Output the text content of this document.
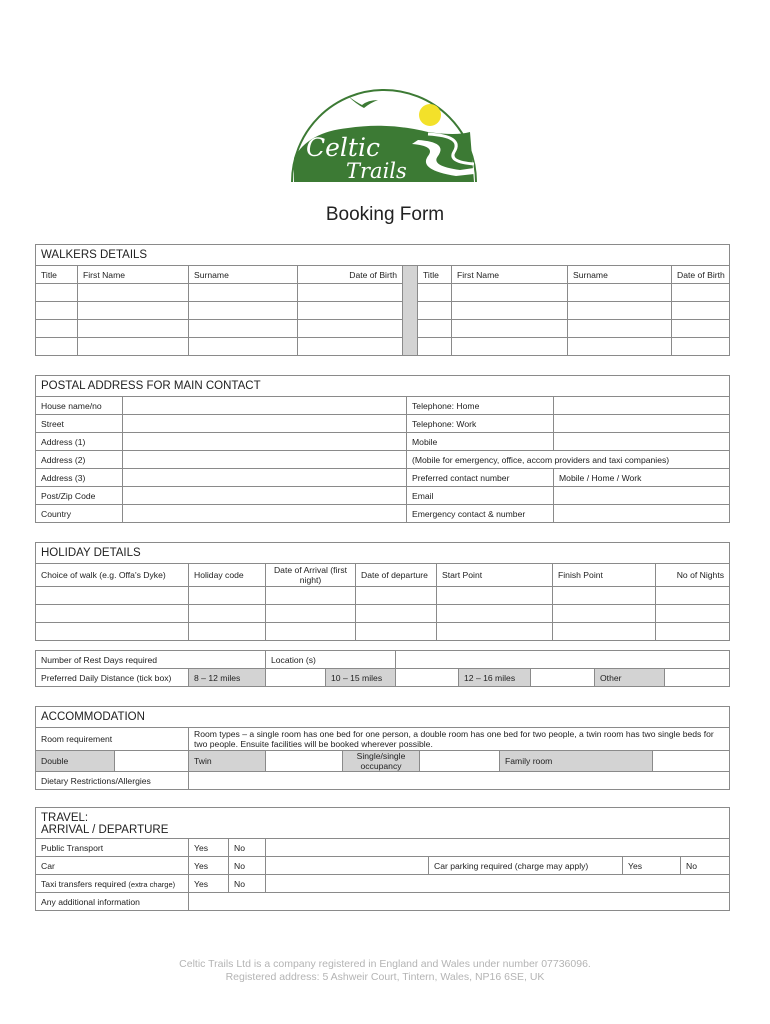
Celtic
Trails
Booking Form
WALKERS DETAILS								
Title	First Name	Surname	Date of Birth		Title	First Name	Surname	Date of Birth

POSTAL ADDRESS FOR MAIN CONTACT			
House name/no		Telephone: Home	
Street		Telephone: Work	
Address (1)		Mobile	
Address (2)		(Mobile for emergency, office, accom providers and taxi companies)	
Address (3)		Preferred contact number	Mobile / Home / Work
Post/Zip Code		Email	
Country		Emergency contact & number	
HOLIDAY DETAILS						
Choice of walk (e.g. Offa's Dyke)	Holiday code	Date of Arrival (first night)	Date of departure	Start Point	Finish Point	No of Nights

Number of Rest Days required		Location (s)						
Preferred Daily Distance (tick box)	8 – 12 miles		10 – 15 miles		12 – 16 miles		Other	
ACCOMMODATION							
Room requirement		Room types – a single room has one bed for one person, a double room has one bed for two people, a twin room has two single beds for two people. Ensuite facilities will be booked wherever possible.					
Double		Twin		Single/single occupancy		Family room	
Dietary Restrictions/Allergies							
TRAVEL:
ARRIVAL / DEPARTURE						
Public Transport	Yes	No				
Car	Yes	No		Car parking required (charge may apply)	Yes	No
Taxi transfers required (extra charge)	Yes	No				
Any additional information						
Celtic Trails Ltd is a company registered in England and Wales under number 07736096.
Registered address: 5 Ashweir Court, Tintern, Wales, NP16 6SE, UK
